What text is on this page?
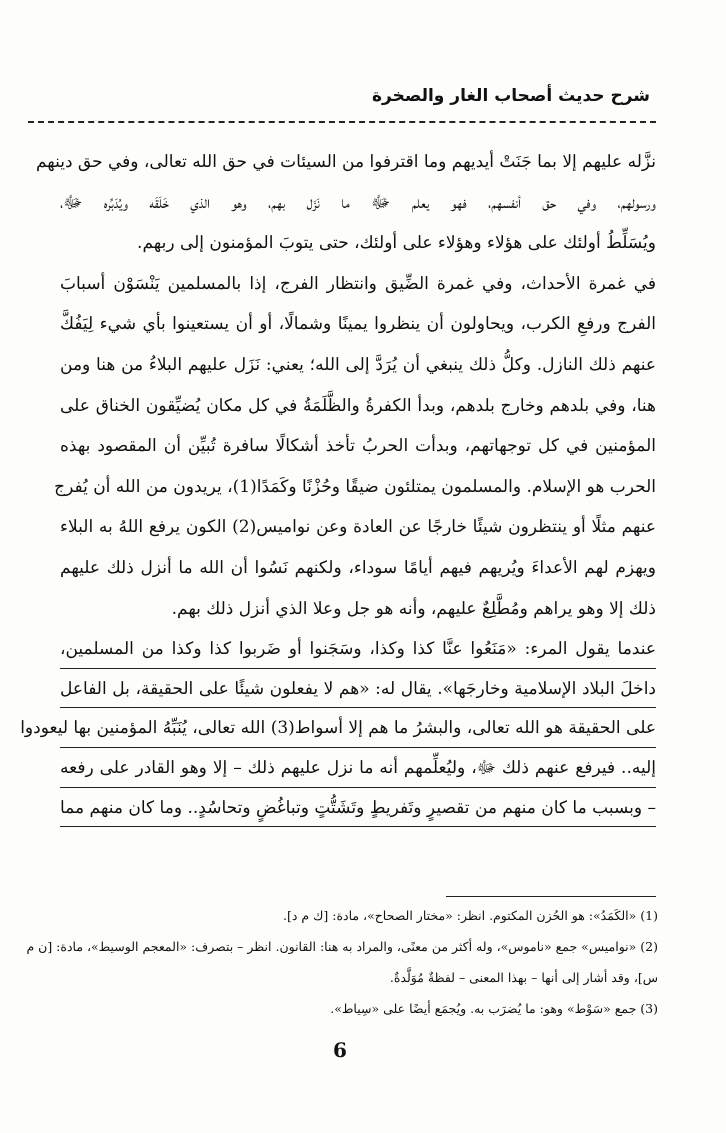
شرح حديث أصحاب الغار والصخرة
نزَّله عليهم إلا بما جَنَتْ أيديهم وما اقترفوا من السيئات في حق الله تعالى، وفي حق دينهم
ورسولهم، وفي حق أنفسهم، فهو يعلم ﷻ ما نَزَل بهم، وهو الذي خَلَقَه ويُدَبِّره ﷻ،
ويُسَلِّطُ أولئك على هؤلاء وهؤلاء على أولئك، حتى يتوبَ المؤمنون إلى ربهم.
في غمرة الأحداث، وفي غمرة الضِّيق وانتظار الفرج، إذا بالمسلمين يَنْسَوْن أسبابَ
الفرج ورفعِ الكرب، ويحاولون أن ينظروا يمينًا وشمالًا، أو أن يستعينوا بأي شيء لِيَفُكَّ
عنهم ذلك النازل. وكلُّ ذلك ينبغي أن يُرَدَّ إلى الله؛ يعني: نَزَل عليهم البلاءُ من هنا ومن
هنا، وفي بلدهم وخارج بلدهم، وبدأ الكفرةُ والظَّلَمَةُ في كل مكان يُضيِّقون الخناق على
المؤمنين في كل توجهاتهم، وبدأت الحربُ تأخذ أشكالًا سافرة تُبيِّن أن المقصود بهذه
الحرب هو الإسلام. والمسلمون يمتلئون ضيقًا وحُزْنًا وكَمَدًا(1)، يريدون من الله أن يُفرج
عنهم مثلًا أو ينتظرون شيئًا خارجًا عن العادة وعن نواميس(2) الكون يرفع اللهُ به البلاء
ويهزم لهم الأعداءَ ويُريهم فيهم أيامًا سوداء، ولكنهم نَسُوا أن الله ما أنزل ذلك عليهم
ذلك إلا وهو يراهم ومُطَّلِعٌ عليهم، وأنه هو جل وعلا الذي أنزل ذلك بهم.
عندما يقول المرء: «مَنَعُوا عنَّا كذا وكذا، وسَجَنوا أو ضَربوا كذا وكذا من المسلمين،
داخلَ البلاد الإسلامية وخارجَها». يقال له: «هم لا يفعلون شيئًا على الحقيقة، بل الفاعل
على الحقيقة هو الله تعالى، والبشرُ ما هم إلا أسواط(3) الله تعالى، يُنَبِّهُ المؤمنين بها ليعودوا
إليه.. فيرفع عنهم ذلك ﷻ، وليُعلِّمهم أنه ما نزل عليهم ذلك – إلا وهو القادر على رفعه
– وبسبب ما كان منهم من تقصيرٍ وتَفريطٍ وتَشَتُّتٍ وتباغُضٍ وتحاسُدٍ.. وما كان منهم مما
(1) «الكَمَدُ»: هو الحُزن المكتوم. انظر: «مختار الصحاح»، مادة: [ك م د].
(2) «نواميس» جمع «ناموس»، وله أكثر من معنًى، والمراد به هنا: القانون. انظر – بتصرف: «المعجم الوسيط»، مادة: [ن م
س]، وقد أشار إلى أنها – بهذا المعنى – لفظةٌ مُوَلَّدةٌ.
(3) جمع «سَوْط» وهو: ما يُضرَب به. ويُجمَع أيضًا على «سِياط».
6
